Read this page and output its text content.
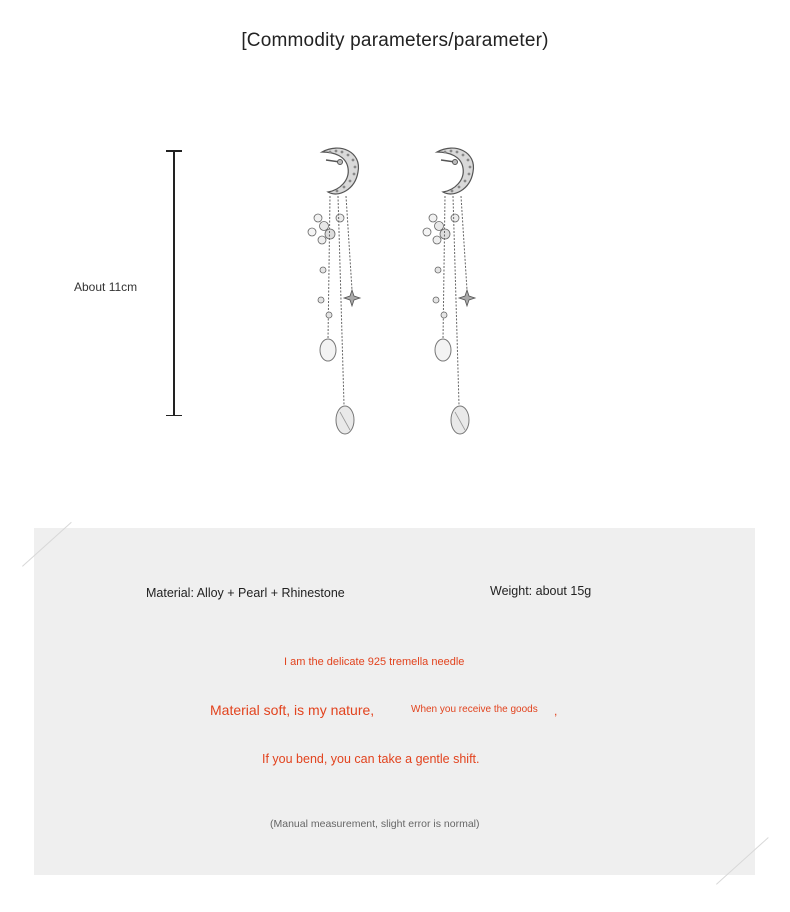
[Commodity parameters/parameter)
About 11cm
Material: Alloy + Pearl + Rhinestone	Weight: about 15g
I am the delicate 925 tremella needle
Material soft, is my nature,	When you receive the goods ,
If you bend, you can take a gentle shift.
(Manual measurement, slight error is normal)
